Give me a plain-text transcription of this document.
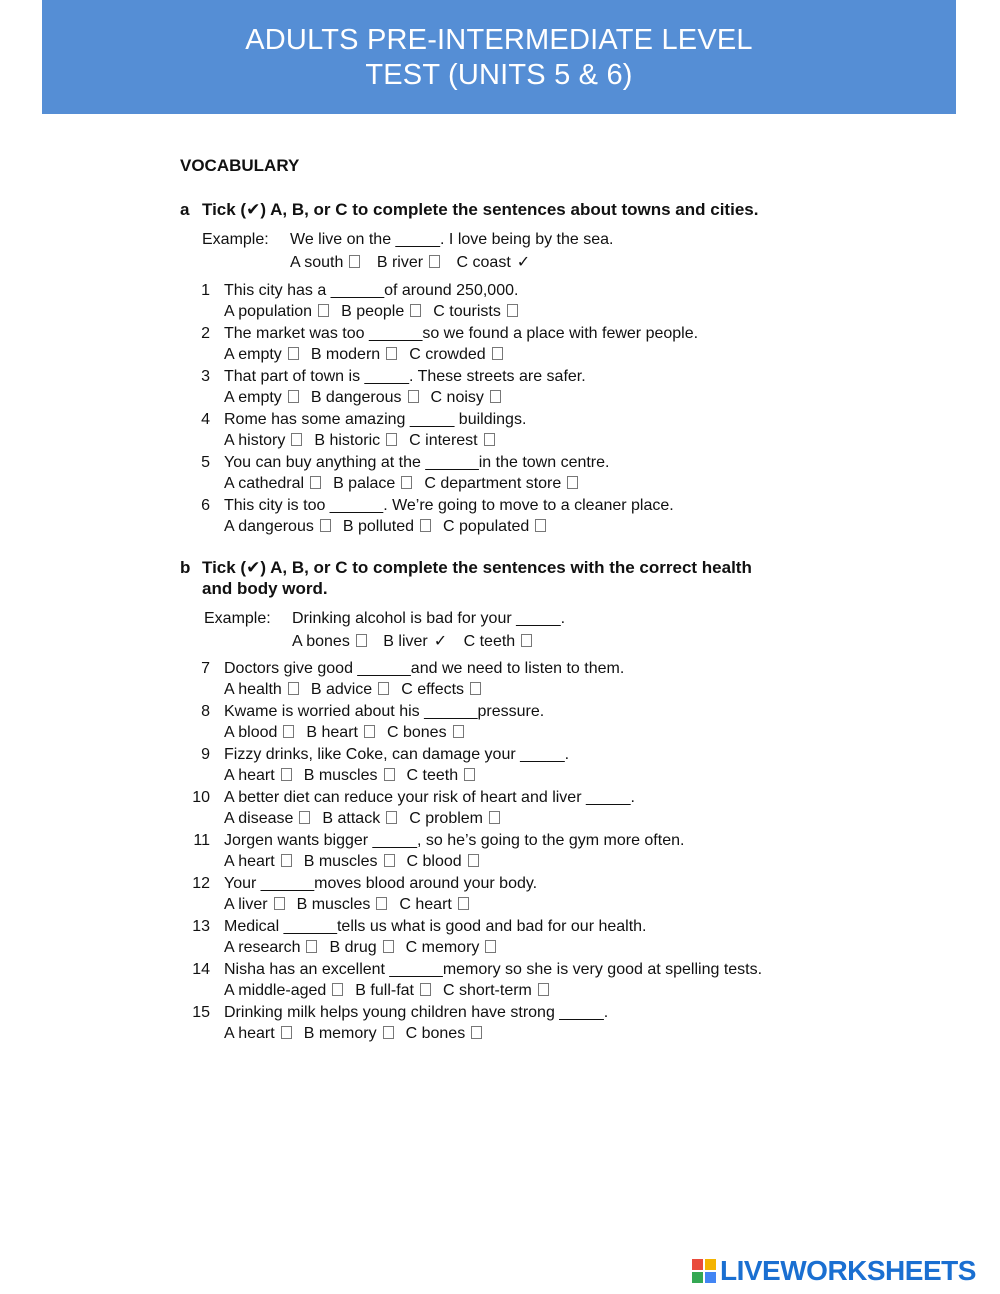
ADULTS PRE-INTERMEDIATE LEVEL
TEST (UNITS 5 & 6)
VOCABULARY
a Tick (✔) A, B, or C to complete the sentences about towns and cities.
Example: We live on the _____. I love being by the sea.
A south B river C coast ✓
1 This city has a ______of around 250,000.
A population B people C tourists
2 The market was too ______so we found a place with fewer people.
A empty B modern C crowded
3 That part of town is _____. These streets are safer.
A empty B dangerous C noisy
4 Rome has some amazing _____ buildings.
A history B historic C interest
5 You can buy anything at the ______in the town centre.
A cathedral B palace C department store
6 This city is too ______. We’re going to move to a cleaner place.
A dangerous B polluted C populated
b Tick (✔) A, B, or C to complete the sentences with the correct health
and body word.
Example: Drinking alcohol is bad for your _____.
A bones B liver ✓ C teeth
7 Doctors give good ______and we need to listen to them.
A health B advice C effects
8 Kwame is worried about his ______pressure.
A blood B heart C bones
9 Fizzy drinks, like Coke, can damage your _____.
A heart B muscles C teeth
10 A better diet can reduce your risk of heart and liver _____.
A disease B attack C problem
11 Jorgen wants bigger _____, so he’s going to the gym more often.
A heart B muscles C blood
12 Your ______moves blood around your body.
A liver B muscles C heart
13 Medical ______tells us what is good and bad for our health.
A research B drug C memory
14 Nisha has an excellent ______memory so she is very good at spelling tests.
A middle-aged B full-fat C short-term
15 Drinking milk helps young children have strong _____.
A heart B memory C bones
LIVEWORKSHEETS
